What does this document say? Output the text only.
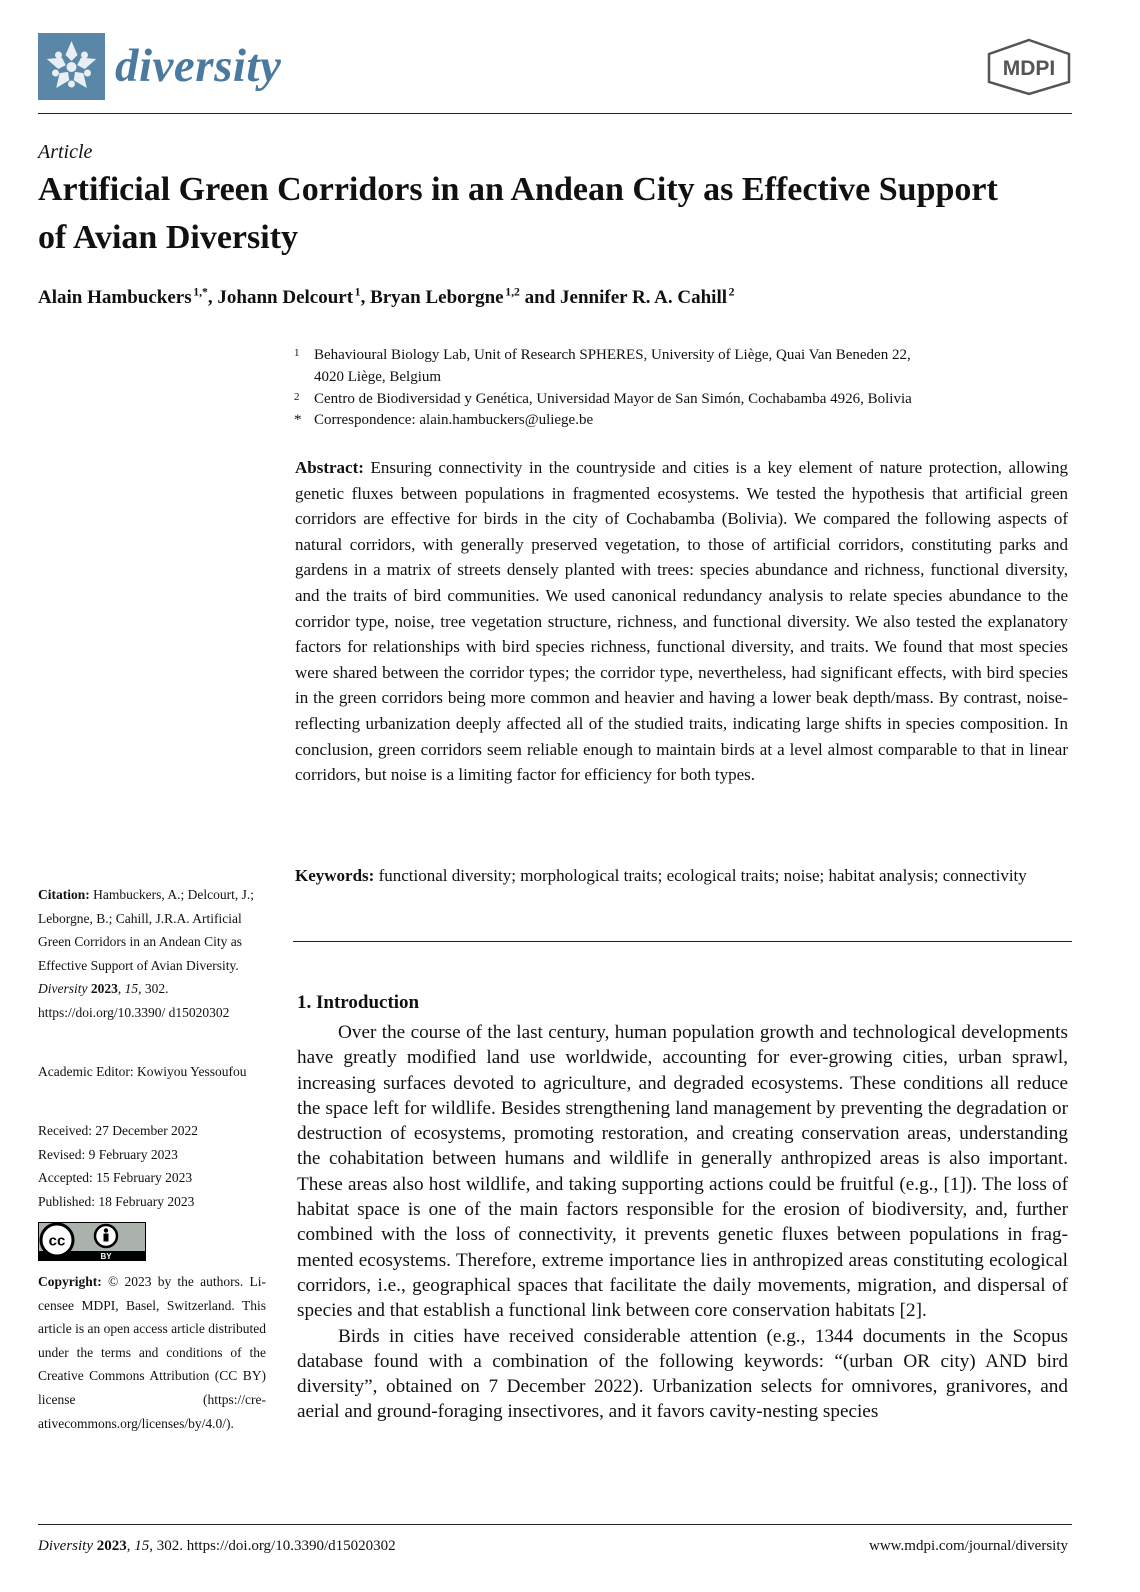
diversity	MDPI
Article
Artificial Green Corridors in an Andean City as Effective Support of Avian Diversity
Alain Hambuckers  $^{1,*}$, Johann Delcourt  $^1$, Bryan Leborgne  $^{1,2}$ and Jennifer R. A. Cahill  $^2$
1 Behavioural Biology Lab, Unit of Research SPHERES, University of Liège, Quai Van Beneden 22,
4020 Liège, Belgium
2 Centro de Biodiversidad y Genética, Universidad Mayor de San Simón, Cochabamba 4926, Bolivia
* Correspondence: alain.hambuckers@uliege.be

Abstract: Ensuring connectivity in the countryside and cities is a key element of nature protection, allowing genetic fluxes between populations in fragmented ecosystems. We tested the hypothesis that artificial green corridors are effective for birds in the city of Cochabamba (Bolivia). We compared the following aspects of natural corridors, with generally preserved vegetation, to those of artificial corridors, constituting parks and gardens in a matrix of streets densely planted with trees: species abundance and richness, functional diversity, and the traits of bird communities. We used canonical redundancy analysis to relate species abundance to the corridor type, noise, tree vegetation structure, richness, and functional diversity. We also tested the explanatory factors for relationships with bird species richness, functional diversity, and traits. We found that most species were shared between the corridor types; the corridor type, nevertheless, had significant effects, with bird species in the green corridors being more common and heavier and having a lower beak depth/mass. By contrast, noise-reflecting urbanization deeply affected all of the studied traits, indicating large shifts in species composition. In conclusion, green corridors seem reliable enough to maintain birds at a level almost comparable to that in linear corridors, but noise is a limiting factor for efficiency for both types.

Keywords: functional diversity; morphological traits; ecological traits; noise; habitat analysis; connectivity

1. Introduction

Over the course of the last century, human population growth and technological developments have greatly modified land use worldwide, accounting for ever-growing cities, urban sprawl, increasing surfaces devoted to agriculture, and degraded ecosystems. These conditions all reduce the space left for wildlife. Besides strengthening land management by preventing the degradation or destruction of ecosystems, promoting restoration, and creating conservation areas, understanding the cohabitation between humans and wildlife in generally anthropized areas is also important. These areas also host wildlife, and taking supporting actions could be fruitful (e.g., [1]). The loss of habitat space is one of the main factors responsible for the erosion of biodiversity, and, further combined with the loss of connectivity, it prevents genetic fluxes between populations in fragmented ecosystems. Therefore, extreme importance lies in anthropized areas constituting ecological corridors, i.e., geographical spaces that facilitate the daily movements, migration, and dispersal of species and that establish a functional link between core conservation habitats [2].

Birds in cities have received considerable attention (e.g., 1344 documents in the Scopus database found with a combination of the following keywords: “(urban OR city) AND bird diversity”, obtained on 7 December 2022). Urbanization selects for omnivores, granivores, and aerial and ground-foraging insectivores, and it favors cavity-nesting species

Citation: Hambuckers, A.; Delcourt, J.; Leborgne, B.; Cahill, J.R.A. Artificial Green Corridors in an Andean City as Effective Support of Avian Diversity. Diversity 2023, 15, 302. https://doi.org/10.3390/ d15020302

Academic Editor: Kowiyou Yessoufou
Received: 27 December 2022
Revised: 9 February 2023
Accepted: 15 February 2023
Published: 18 February 2023
cc
BY

Copyright: © 2023 by the authors. Licensee MDPI, Basel, Switzerland. This article is an open access article distributed under the terms and conditions of the Creative Commons Attribution (CC BY) license (https://creativecommons.org/licenses/by/4.0/).

Diversity 2023, 15, 302. https://doi.org/10.3390/d15020302	www.mdpi.com/journal/diversity
